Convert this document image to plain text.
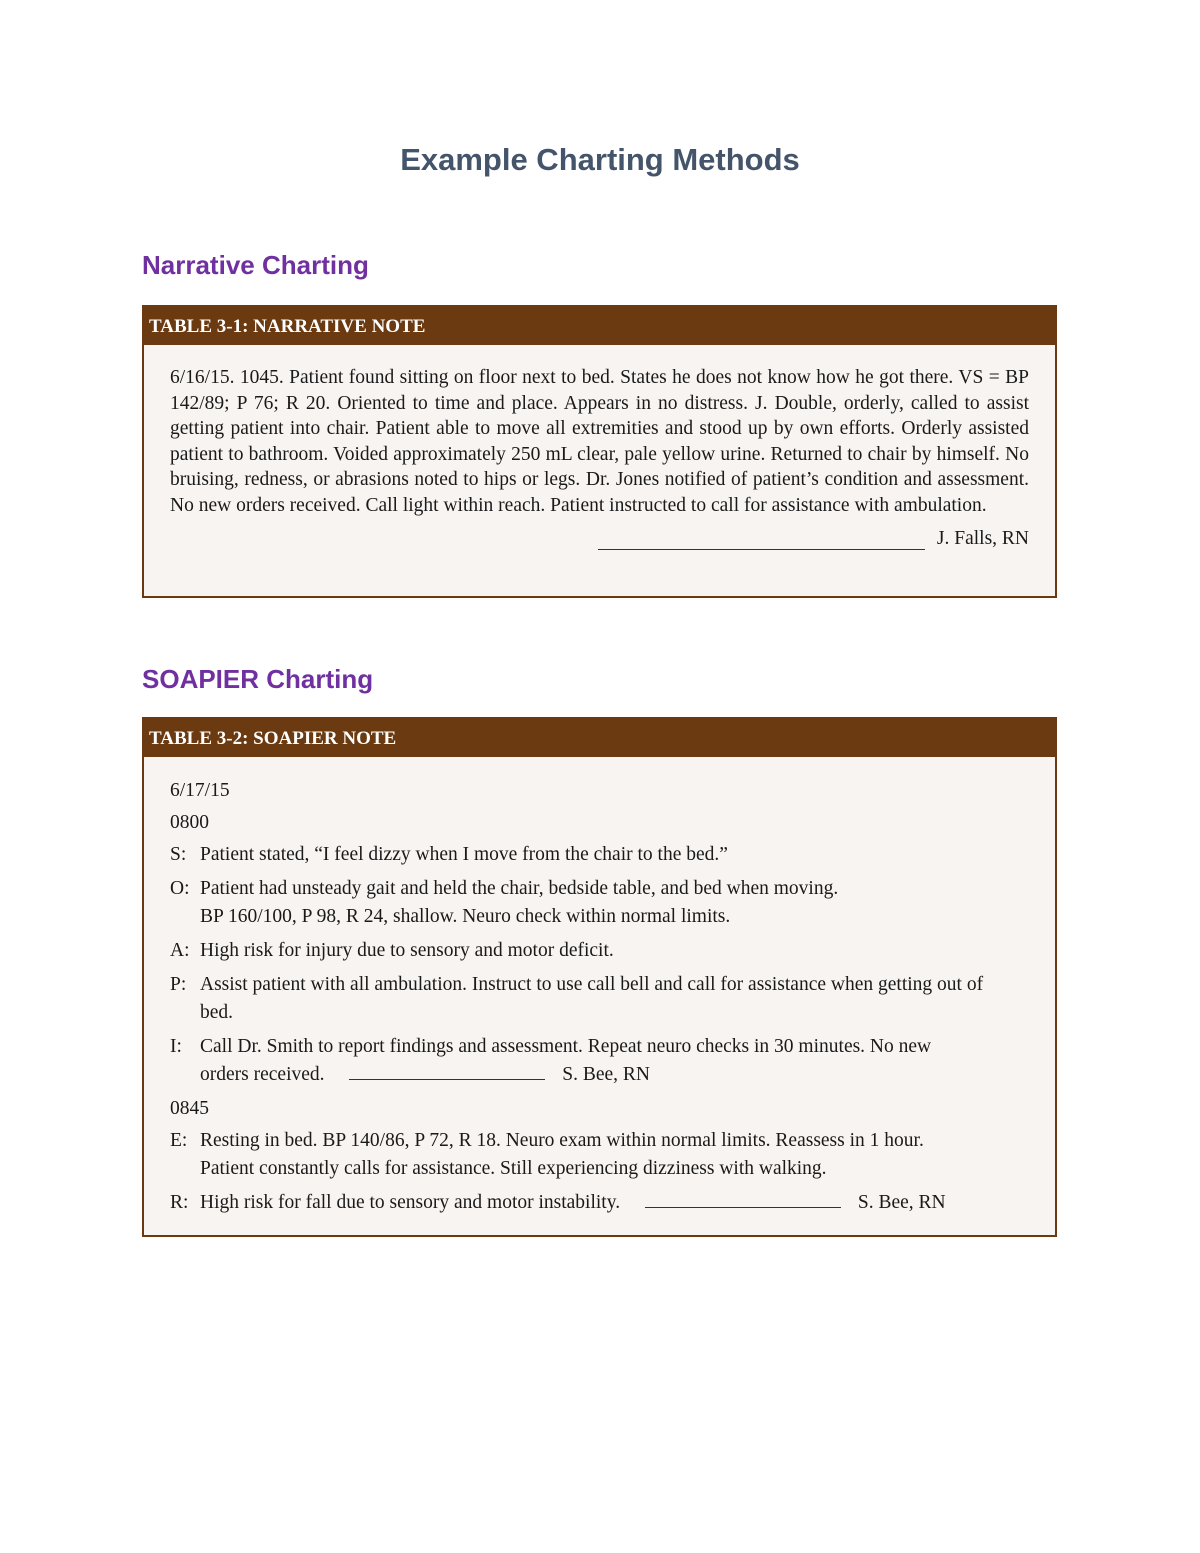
Example Charting Methods
Narrative Charting
TABLE 3-1: NARRATIVE NOTE
6/16/15. 1045. Patient found sitting on floor next to bed. States he does not know how he got there. VS = BP 142/89; P 76; R 20. Oriented to time and place. Appears in no distress. J. Double, orderly, called to assist getting patient into chair. Patient able to move all extremities and stood up by own efforts. Orderly assisted patient to bathroom. Voided approximately 250 mL clear, pale yellow urine. Returned to chair by himself. No bruising, redness, or abrasions noted to hips or legs. Dr. Jones notified of patient’s condition and assessment. No new orders received. Call light within reach. Patient instructed to call for assistance with ambulation.
J. Falls, RN
SOAPIER Charting
TABLE 3-2: SOAPIER NOTE
6/17/15
0800
S: Patient stated, “I feel dizzy when I move from the chair to the bed.”
O: Patient had unsteady gait and held the chair, bedside table, and bed when moving.
BP 160/100, P 98, R 24, shallow. Neuro check within normal limits.
A: High risk for injury due to sensory and motor deficit.
P: Assist patient with all ambulation. Instruct to use call bell and call for assistance when getting out of bed.
I: Call Dr. Smith to report findings and assessment. Repeat neuro checks in 30 minutes. No new
orders received.	S. Bee, RN
0845
E: Resting in bed. BP 140/86, P 72, R 18. Neuro exam within normal limits. Reassess in 1 hour.
Patient constantly calls for assistance. Still experiencing dizziness with walking.
R: High risk for fall due to sensory and motor instability.	S. Bee, RN
